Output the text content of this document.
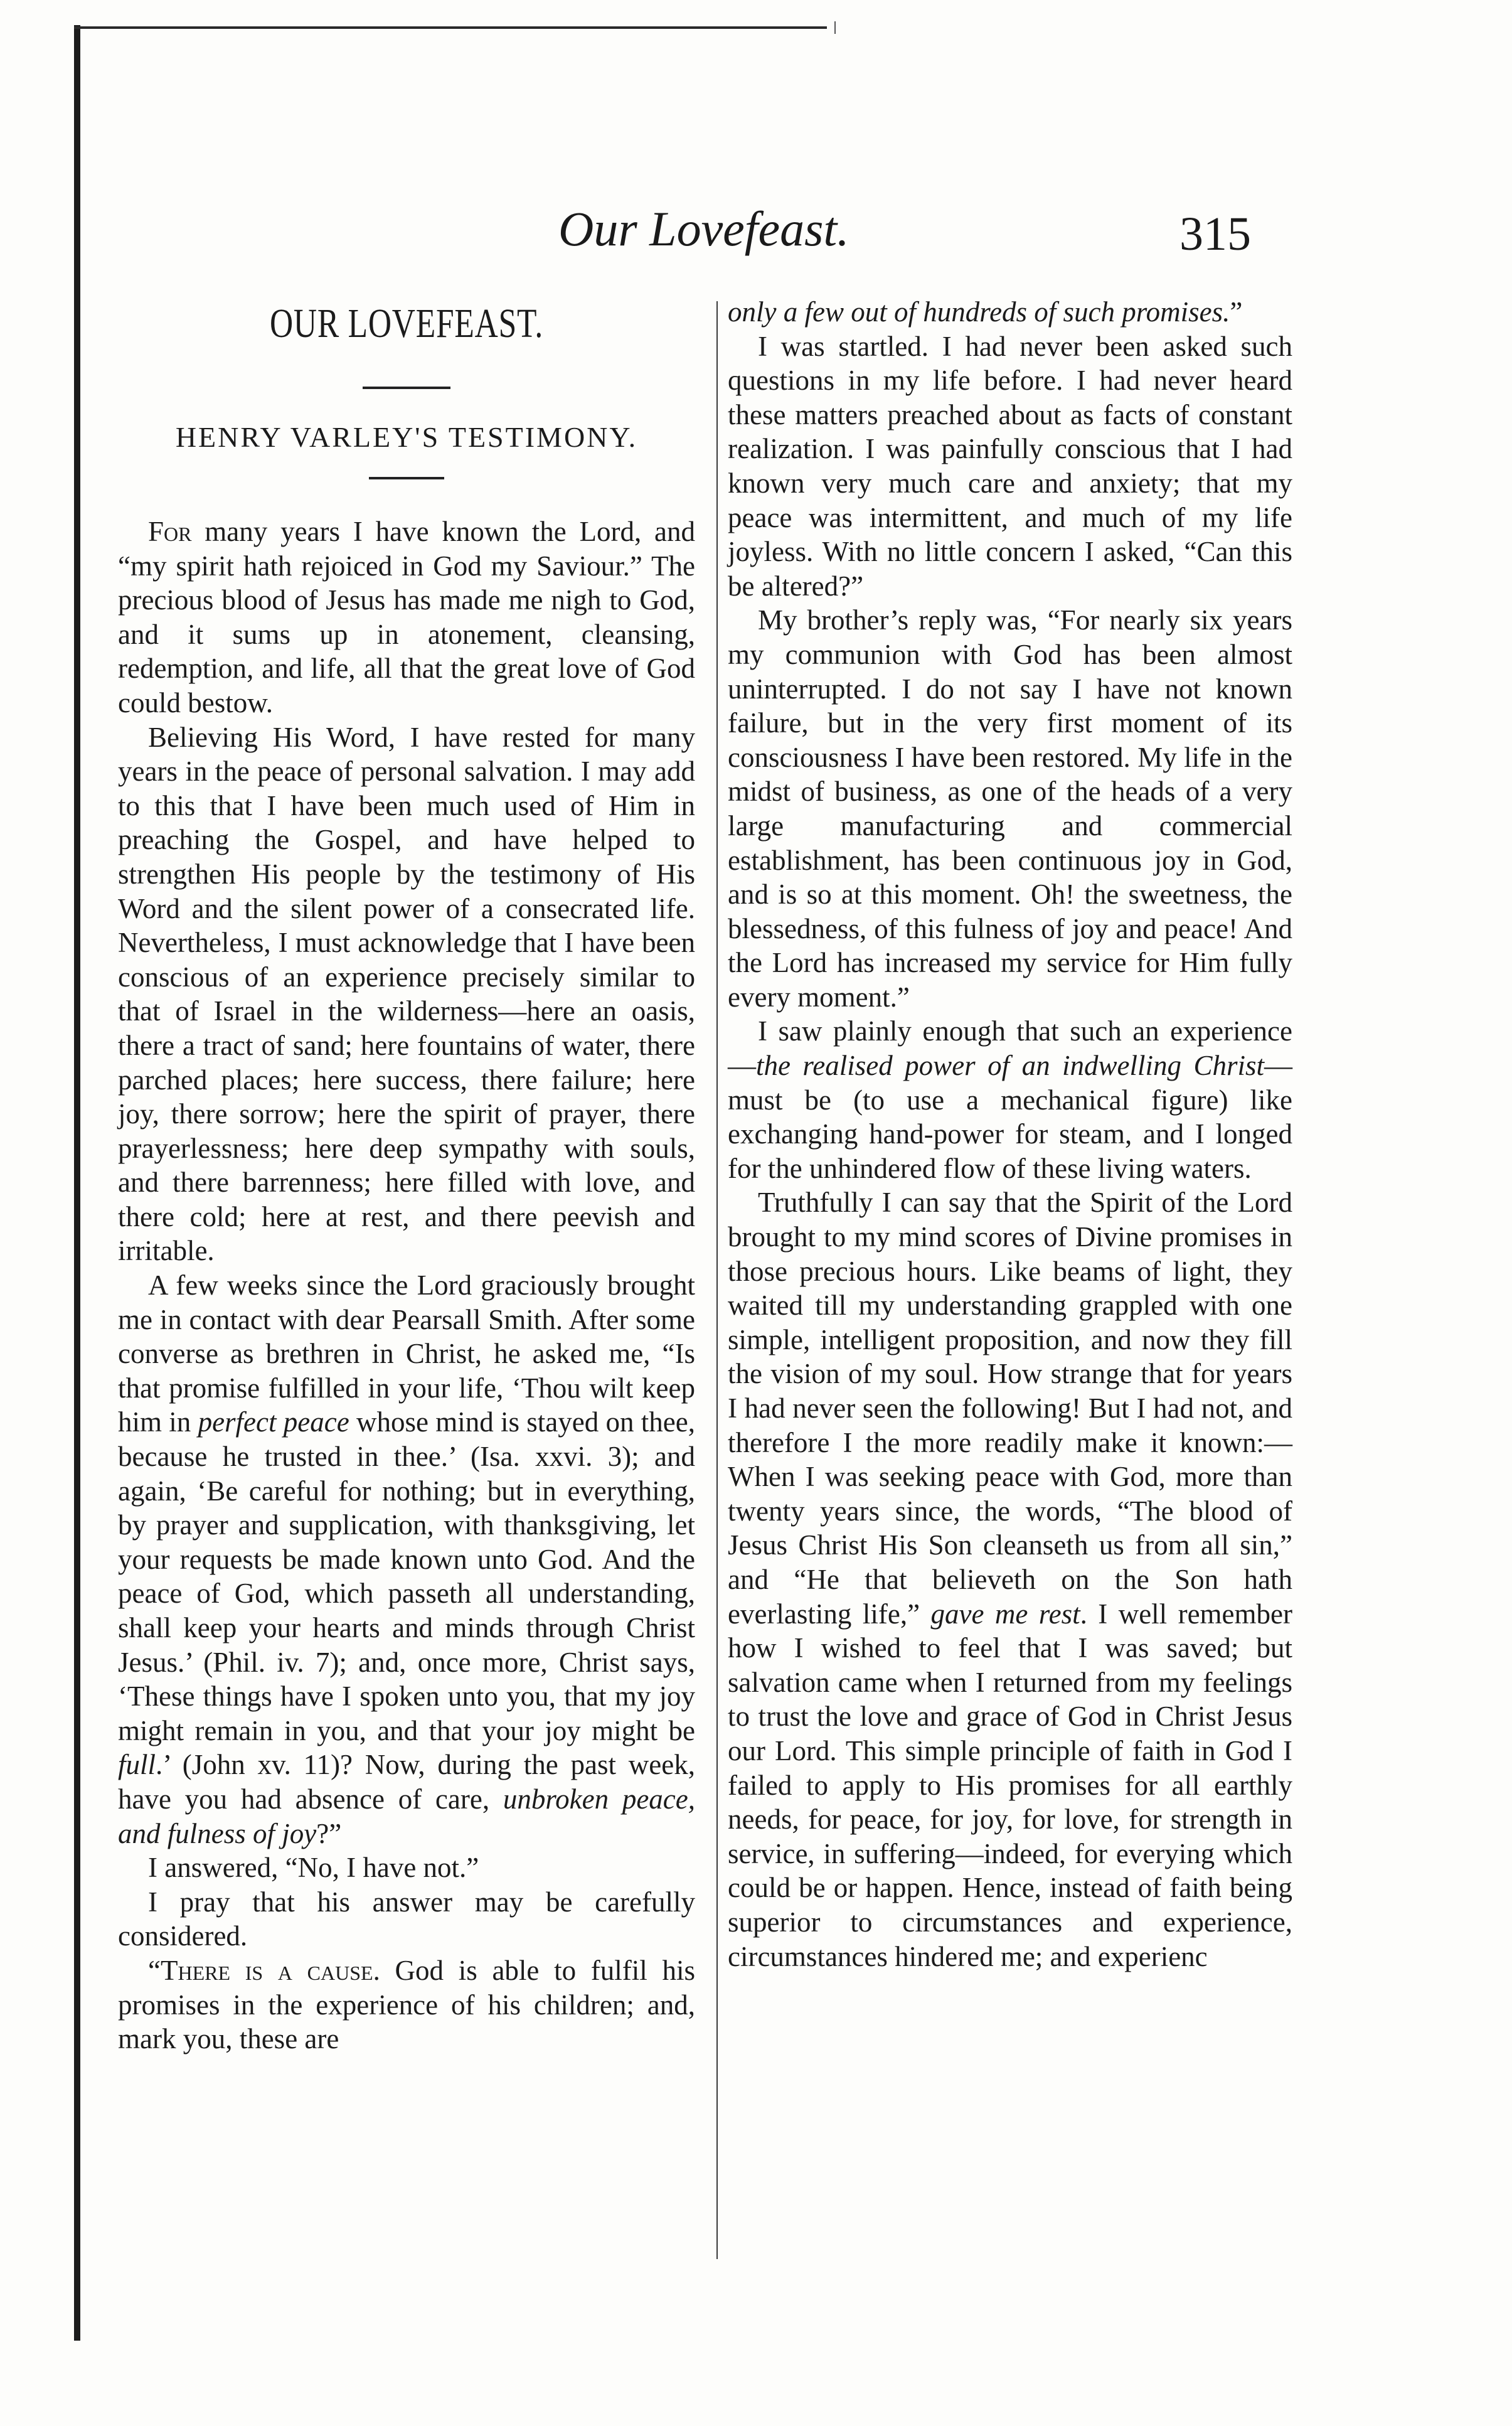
Our Lovefeast.	315
OUR LOVEFEAST.

HENRY VARLEY'S TESTIMONY.

For many years I have known the Lord, and “my spirit hath rejoiced in God my Saviour.” The precious blood of Jesus has made me nigh to God, and it sums up in atonement, cleansing, redemption, and life, all that the great love of God could bestow.

Believing His Word, I have rested for many years in the peace of personal salvation. I may add to this that I have been much used of Him in preaching the Gospel, and have helped to strengthen His people by the testimony of His Word and the silent power of a consecrated life. Nevertheless, I must acknowledge that I have been conscious of an experience precisely similar to that of Israel in the wilderness—here an oasis, there a tract of sand; here fountains of water, there parched places; here success, there failure; here joy, there sorrow; here the spirit of prayer, there prayerlessness; here deep sympathy with souls, and there barrenness; here filled with love, and there cold; here at rest, and there peevish and irritable.

A few weeks since the Lord graciously brought me in contact with dear Pearsall Smith. After some converse as brethren in Christ, he asked me, “Is that promise fulfilled in your life, ‘Thou wilt keep him in perfect peace whose mind is stayed on thee, because he trusted in thee.’ (Isa. xxvi. 3); and again, ‘Be careful for nothing; but in everything, by prayer and supplication, with thanksgiving, let your requests be made known unto God. And the peace of God, which passeth all understanding, shall keep your hearts and minds through Christ Jesus.’ (Phil. iv. 7); and, once more, Christ says, ‘These things have I spoken unto you, that my joy might remain in you, and that your joy might be full.’ (John xv. 11)? Now, during the past week, have you had absence of care, unbroken peace, and fulness of joy?”

I answered, “No, I have not.”

I pray that his answer may be carefully considered.

“There is a cause. God is able to fulfil his promises in the experience of his children; and, mark you, these are

only a few out of hundreds of such promises.”

I was startled. I had never been asked such questions in my life before. I had never heard these matters preached about as facts of constant realization. I was painfully conscious that I had known very much care and anxiety; that my peace was intermittent, and much of my life joyless. With no little concern I asked, “Can this be altered?”

My brother’s reply was, “For nearly six years my communion with God has been almost uninterrupted. I do not say I have not known failure, but in the very first moment of its consciousness I have been restored. My life in the midst of business, as one of the heads of a very large manufacturing and commercial establishment, has been continuous joy in God, and is so at this moment. Oh! the sweetness, the blessedness, of this fulness of joy and peace! And the Lord has increased my service for Him fully every moment.”

I saw plainly enough that such an experience—the realised power of an indwelling Christ—must be (to use a mechanical figure) like exchanging hand-power for steam, and I longed for the unhindered flow of these living waters.

Truthfully I can say that the Spirit of the Lord brought to my mind scores of Divine promises in those precious hours. Like beams of light, they waited till my understanding grappled with one simple, intelligent proposition, and now they fill the vision of my soul. How strange that for years I had never seen the following! But I had not, and therefore I the more readily make it known:—When I was seeking peace with God, more than twenty years since, the words, “The blood of Jesus Christ His Son cleanseth us from all sin,” and “He that believeth on the Son hath everlasting life,” gave me rest. I well remember how I wished to feel that I was saved; but salvation came when I returned from my feelings to trust the love and grace of God in Christ Jesus our Lord. This simple principle of faith in God I failed to apply to His promises for all earthly needs, for peace, for joy, for love, for strength in service, in suffering—indeed, for everying which could be or happen. Hence, instead of faith being superior to circumstances and experience, circumstances hindered me; and experienc
